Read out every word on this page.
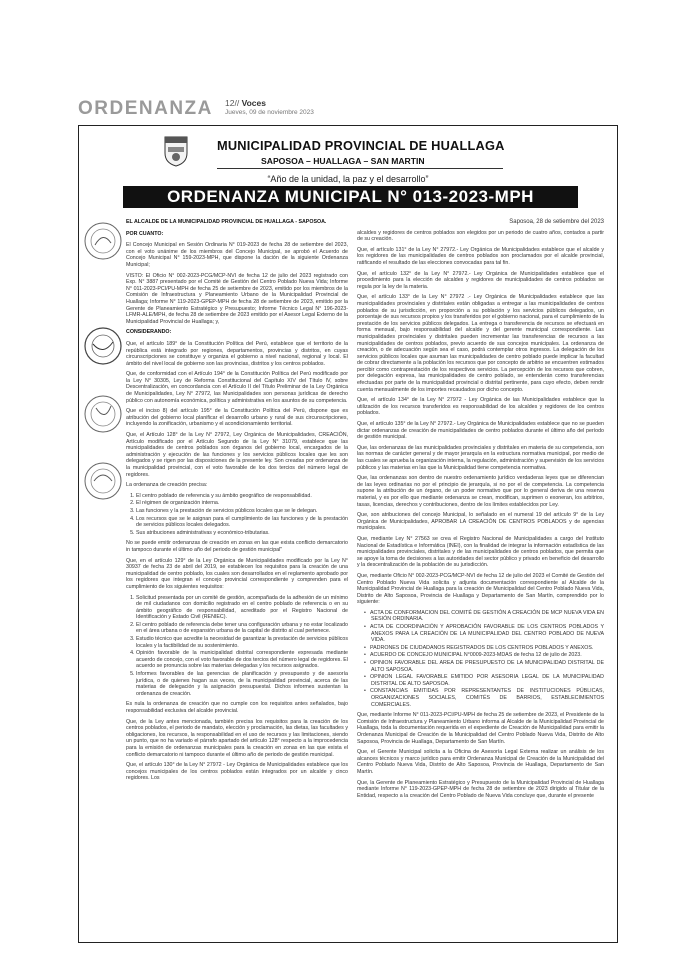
ORDENANZA 12// Voces
Jueves, 09 de noviembre 2023
MUNICIPALIDAD PROVINCIAL DE HUALLAGA
SAPOSOA – HUALLAGA – SAN MARTIN
“Año de la unidad, la paz y el desarrollo”
ORDENANZA MUNICIPAL N° 013-2023-MPH

EL ALCALDE DE LA MUNICIPALIDAD PROVINCIAL DE HUALLAGA - SAPOSOA.

POR CUANTO:

El Concejo Municipal en Sesión Ordinaria N° 019-2023 de fecha 28 de setiembre del 2023, con el voto unánime de los miembros del Concejo Municipal, se aprobó el Acuerdo de Concejo Municipal N° 159-2023-MPH, que dispone la dación de la siguiente Ordenanza Municipal;

VISTO: El Oficio N° 002-2023-PCG/MCP-NVI de fecha 12 de julio del 2023 registrado con Exp. N° 3887 presentado por el Comité de Gestión del Centro Poblado Nueva Vida; Informe N° 011-2023-PCI/PU-MPH de fecha 25 de setiembre de 2023, emitido por los miembros de la Comisión de Infraestructura y Planeamiento Urbano de la Municipalidad Provincial de Huallaga; Informe N° 119-2023-GPEP-MPH de fecha 28 de setiembre de 2023, emitido por la Gerente de Planeamiento Estratégico y Presupuesto; Informe Técnico Legal N° 196-2023-LFMR-ALE/MPH, de fecha 28 de setiembre de 2023 emitido por el Asesor Legal Externo de la Municipalidad Provincial de Huallaga; y,

CONSIDERANDO:

Que, el artículo 189° de la Constitución Política del Perú, establece que el territorio de la república está integrado por regiones, departamentos, provincias y distritos, en cuyas circunscripciones se constituye y organiza el gobierno a nivel nacional, regional y local. El ámbito del nivel local de gobierno son las provincias, distritos y los centros poblados.

Que, de conformidad con el Artículo 194° de la Constitución Política del Perú modificado por la Ley N° 30305, Ley de Reforma Constitucional del Capítulo XIV del Título IV, sobre Descentralización, en concordancia con el Artículo II del Título Preliminar de la Ley Orgánica de Municipalidades, Ley N° 27972, las Municipalidades son personas jurídicas de derecho público con autonomía económica, política y administrativa en los asuntos de su competencia.

Que el inciso 8) del artículo 195° de la Constitución Política del Perú, dispone que es atribución del gobierno local planificar el desarrollo urbano y rural de sus circunscripciones, incluyendo la zonificación, urbanismo y el acondicionamiento territorial.

Que, el Artículo 128° de la Ley N° 27972, Ley Orgánica de Municipalidades, CREACIÓN, Artículo modificado por el Artículo Segundo de la Ley N° 31079, establece que las municipalidades de centros poblados son órganos del gobierno local, encargados de la administración y ejecución de las funciones y los servicios públicos locales que les son delegados y se rigen por las disposiciones de la presente ley. Son creadas por ordenanza de la municipalidad provincial, con el voto favorable de los dos tercios del número legal de regidores.

La ordenanza de creación precisa:

1. El centro poblado de referencia y su ámbito geográfico de responsabilidad.
2. El régimen de organización interna.
3. Las funciones y la prestación de servicios públicos locales que se le delegan.
4. Los recursos que se le asignan para el cumplimiento de las funciones y de la prestación de servicios públicos locales delegados.
5. Sus atribuciones administrativas y económico-tributarias.

No se puede emitir ordenanzas de creación en zonas en las que exista conflicto demarcatorio in tampoco durante el último año del periodo de gestión municipal"

Que, en el artículo 129° de la Ley Orgánica de Municipalidades modificado por la Ley N° 30937 de fecha 23 de abril del 2019, se establecen los requisitos para la creación de una municipalidad de centro poblado, los cuales son desarrollados en el reglamento aprobado por los regidores que integran el concejo provincial correspondiente y comprenden para el cumplimiento de los siguientes requisitos:

1. Solicitud presentada por un comité de gestión, acompañada de la adhesión de un mínimo de mil ciudadanos con domicilio registrado en el centro poblado de referencia o en su ámbito geográfico de responsabilidad, acreditado por el Registro Nacional de Identificación y Estado Civil (RENIEC).
2. El centro poblado de referencia debe tener una configuración urbana y no estar localizado en el área urbana o de expansión urbana de la capital de distrito al cual pertenece.
3. Estudio técnico que acredite la necesidad de garantizar la prestación de servicios públicos locales y la factibilidad de su sostenimiento.
4. Opinión favorable de la municipalidad distrital correspondiente expresada mediante acuerdo de concejo, con el voto favorable de dos tercios del número legal de regidores. El acuerdo se pronuncia sobre las materias delegadas y los recursos asignados.
5. Informes favorables de las gerencias de planificación y presupuesto y de asesoría jurídica, o de quienes hagan sus veces, de la municipalidad provincial, acerca de las materias de delegación y la asignación presupuestal. Dichos informes sustentan la ordenanza de creación.

Es nula la ordenanza de creación que no cumple con los requisitos antes señalados, bajo responsabilidad exclusiva del alcalde provincial.

Que, de la Ley antes mencionada, también precisa los requisitos para la creación de los centros poblados, el periodo de mandato, elección y proclamación, las dietas, las facultades y obligaciones, los recursos, la responsabilidad en el uso de recursos y las limitaciones, siendo un punto, que no ha variado el párrafo apartado del artículo 128° respecto a la improcedencia para la emisión de ordenanzas municipales para la creación en zonas en las que exista el conflicto demarcatorio ni tampoco durante el último año de periodo de gestión municipal.

Que, el artículo 130° de la Ley N° 27972 - Ley Orgánica de Municipalidades establece que los concejos municipales de los centros poblados están integrados por un alcalde y cinco regidores. Los

Saposoa, 28 de setiembre del 2023

alcaldes y regidores de centros poblados son elegidos por un periodo de cuatro años, contados a partir de su creación.

Que, el artículo 131° de la Ley N° 27972.- Ley Orgánica de Municipalidades establece que el alcalde y los regidores de las municipalidades de centros poblados son proclamados por el alcalde provincial, ratificando el resultado de las elecciones convocadas para tal fin.

Que, el artículo 132° de la Ley N° 27972.- Ley Orgánica de Municipalidades establece que el procedimiento para la elección de alcaldes y regidores de municipalidades de centros poblados se regula por la ley de la materia.

Que, el artículo 133° de la Ley N° 27972 .- Ley Orgánica de Municipalidades establece que las municipalidades provinciales y distritales están obligadas a entregar a las municipalidades de centros poblados de su jurisdicción, en proporción a su población y los servicios públicos delegados, un porcentaje de sus recursos propios y los transferidos por el gobierno nacional, para el cumplimiento de la prestación de los servicios públicos delegados. La entrega o transferencia de recursos se efectuará en forma mensual, bajo responsabilidad del alcalde y del gerente municipal correspondiente. Las municipalidades provinciales y distritales pueden incrementar las transferencias de recursos a las municipalidades de centros poblados, previo acuerdo de sus concejos municipales. La ordenanza de creación, o de adecuación según sea el caso, podrá contemplar otros ingresos. La delegación de los servicios públicos locales que asuman las municipalidades de centro poblado puede implicar la facultad de cobrar directamente a la población los recursos que por concepto de arbitrio se encuentren estimados percibir como contraprestación de los respectivos servicios. La percepción de los recursos que cobren, por delegación expresa, las municipalidades de centro poblado, se entenderán como transferencias efectuadas por parte de la municipalidad provincial o distrital pertinente, para cuyo efecto, deben rendir cuenta mensualmente de los importes recaudados por dicho concepto.

Que, el artículo 134° de la Ley N° 27972 - Ley Orgánica de las Municipalidades establece que la utilización de los recursos transferidos es responsabilidad de los alcaldes y regidores de los centros poblados.

Que, el artículo 135° de la Ley N° 27972.- Ley Orgánica de Municipalidades establece que no se pueden dictar ordenanzas de creación de municipalidades de centro poblados durante el último año del período de gestión municipal.

Que, las ordenanzas de las municipalidades provinciales y distritales en materia de su competencia, son las normas de carácter general y de mayor jerarquía en la estructura normativa municipal, por medio de las cuales se aprueba la organización interna, la regulación, administración y supervisión de los servicios públicos y las materias en las que la Municipalidad tiene competencia normativa.

Que, las ordenanzas son dentro de nuestro ordenamiento jurídico verdaderas leyes que se diferencian de las leyes ordinarias no por el principio de jerarquía, si no por el de competencia. La competencia supone la atribución de un órgano, de un poder normativo que por lo general deriva de una reserva material, y es por ello que mediante ordenanza se crean, modifican, suprimen o exoneran, los arbitrios, tasas, licencias, derechos y contribuciones, dentro de los límites establecidos por Ley.

Que, son atribuciones del concejo Municipal, lo señalado en el numeral 19 del artículo 9° de la Ley Orgánica de Municipalidades, APROBAR LA CREACIÓN DE CENTROS POBLADOS y de agencias municipales.

Que, mediante Ley N° 27563 se crea el Registro Nacional de Municipalidades a cargo del Instituto Nacional de Estadística e Informática (INEI), con la finalidad de integrar la información estadística de las municipalidades provinciales, distritales y de las municipalidades de centros poblados, que permita que se apoye la toma de decisiones a las autoridades del sector público y privado en beneficio del desarrollo y la descentralización de la población de su jurisdicción.

Que, mediante Oficio N° 002-2023-PCG/MCP-NVI de fecha 12 de julio del 2023 el Comité de Gestión del Centro Poblado Nueva Vida solicita y adjunta documentación correspondiente al Alcalde de la Municipalidad Provincial de Huallaga para la creación de Municipalidad del Centro Poblado Nueva Vida, Distrito de Alto Saposoa, Provincia de Huallaga y Departamento de San Martín, comprendido por lo siguiente:

• ACTA DE CONFORMACION DEL COMITÉ DE GESTIÓN A CREACIÓN DE MCP NUEVA VIDA EN SESIÓN ORDINARIA.
• ACTA DE COORDINACIÓN Y APROBACIÓN FAVORABLE DE LOS CENTROS POBLADOS Y ANEXOS PARA LA CREACIÓN DE LA MUNICIPALIDAD DEL CENTRO POBLADO DE NUEVA VIDA.
• PADRONES DE CIUDADANOS REGISTRADOS DE LOS CENTROS POBLADOS Y ANEXOS.
• ACUERDO DE CONCEJO MUNICIPAL N°0009-2023-MDAS de fecha 12 de julio de 2023.
• OPINION FAVORABLE DEL AREA DE PRESUPUESTO DE LA MUNICIPALIDAD DISTRITAL DE ALTO SAPOSOA.
• OPINION LEGAL FAVORABLE EMITIDO POR ASESORIA LEGAL DE LA MUNICIPALIDAD DISTRITAL DE ALTO SAPOSOA.
• CONSTANCIAS EMITIDAS POR REPRESENTANTES DE INSTITUCIONES PÚBLICAS, ORGANIZACIONES SOCIALES, COMITÉS DE BARRIOS, ESTABLECIMIENTOS COMERCIALES.

Que, mediante Informe N° 011-2023-PCI/PU-MPH de fecha 25 de setiembre de 2023, el Presidente de la Comisión de Infraestructura y Planeamiento Urbano informa al Alcalde de la Municipalidad Provincial de Huallaga, toda la documentación requerida en el expediente de Creación de Municipalidad para emitir la Ordenanza Municipal de Creación de la Municipalidad del Centro Poblado Nueva Vida, Distrito de Alto Saposoa, Provincia de Huallaga, Departamento de San Martín.

Que, el Gerente Municipal solicita a la Oficina de Asesoría Legal Externa realizar un análisis de los alcances técnicos y marco jurídico para emitir Ordenanza Municipal de Creación de la Municipalidad del Centro Poblado Nueva Vida, Distrito de Alto Saposoa, Provincia de Huallaga, Departamento de San Martín.

Que, la Gerente de Planeamiento Estratégico y Presupuesto de la Municipalidad Provincial de Huallaga mediante Informe N° 119-2023-GPEP-MPH de fecha 28 de setiembre de 2023 dirigido al Titular de la Entidad, respecto a la creación del Centro Poblado de Nueva Vida concluye que, durante el presente
